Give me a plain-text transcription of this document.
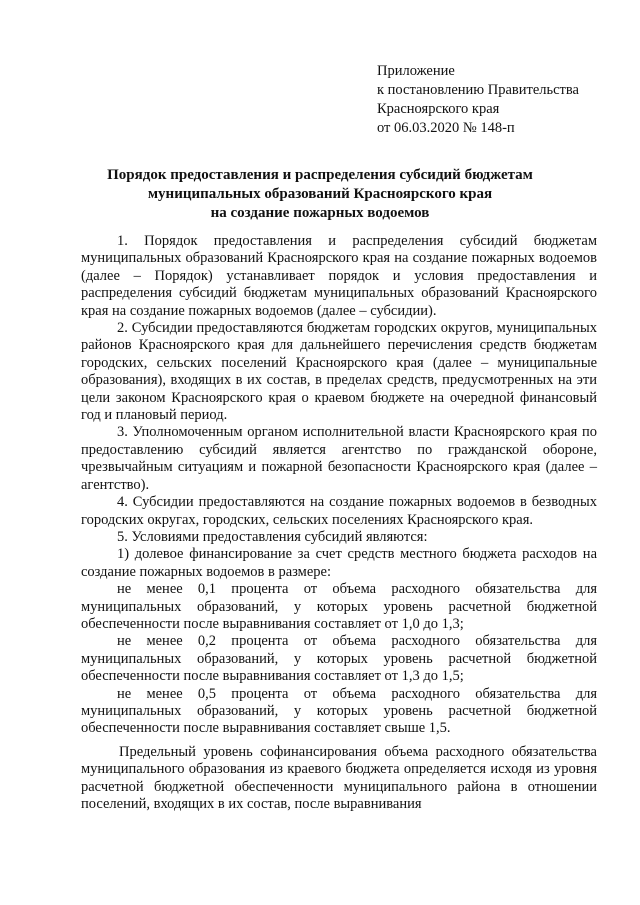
Приложение
к постановлению Правительства
Красноярского края
от 06.03.2020 № 148-п
Порядок предоставления и распределения субсидий бюджетам
муниципальных образований Красноярского края
на создание пожарных водоемов

1. Порядок предоставления и распределения субсидий бюджетам муниципальных образований Красноярского края на создание пожарных водоемов (далее – Порядок) устанавливает порядок и условия предоставления и распределения субсидий бюджетам муниципальных образований Красноярского края на создание пожарных водоемов (далее – субсидии).

2. Субсидии предоставляются бюджетам городских округов, муниципальных районов Красноярского края для дальнейшего перечисления средств бюджетам городских, сельских поселений Красноярского края (далее – муниципальные образования), входящих в их состав, в пределах средств, предусмотренных на эти цели законом Красноярского края о краевом бюджете на очередной финансовый год и плановый период.

3. Уполномоченным органом исполнительной власти Красноярского края по предоставлению субсидий является агентство по гражданской обороне, чрезвычайным ситуациям и пожарной безопасности Красноярского края (далее – агентство).

4. Субсидии предоставляются на создание пожарных водоемов в безводных городских округах, городских, сельских поселениях Красноярского края.

5. Условиями предоставления субсидий являются:

1) долевое финансирование за счет средств местного бюджета расходов на создание пожарных водоемов в размере:

не менее 0,1 процента от объема расходного обязательства для муниципальных образований, у которых уровень расчетной бюджетной обеспеченности после выравнивания составляет от 1,0 до 1,3;

не менее 0,2 процента от объема расходного обязательства для муниципальных образований, у которых уровень расчетной бюджетной обеспеченности после выравнивания составляет от 1,3 до 1,5;

не менее 0,5 процента от объема расходного обязательства для муниципальных образований, у которых уровень расчетной бюджетной обеспеченности после выравнивания составляет свыше 1,5.

Предельный уровень софинансирования объема расходного обязательства муниципального образования из краевого бюджета определяется исходя из уровня расчетной бюджетной обеспеченности муниципального района в отношении поселений, входящих в их состав, после выравнивания
